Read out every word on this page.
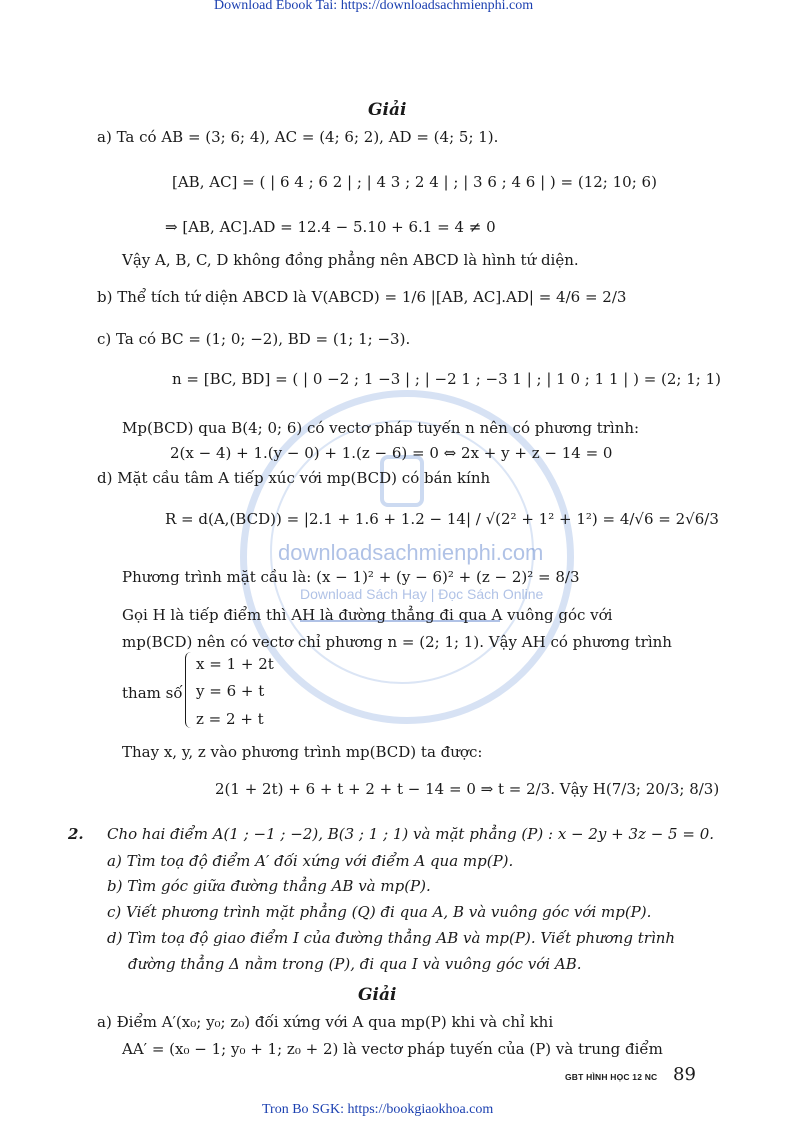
downloadsachmienphi.com
Download Sách Hay | Đọc Sách Online
Download Ebook Tai: https://downloadsachmienphi.com
Giải
a) Ta có AB = (3; 6; 4), AC = (4; 6; 2), AD = (4; 5; 1).
[AB, AC] = ( | 6 4 ; 6 2 | ; | 4 3 ; 2 4 | ; | 3 6 ; 4 6 | ) = (12; 10; 6)
⇒ [AB, AC].AD = 12.4 − 5.10 + 6.1 = 4 ≠ 0
Vậy A, B, C, D không đồng phẳng nên ABCD là hình tứ diện.
b) Thể tích tứ diện ABCD là V(ABCD) = 1/6 |[AB, AC].AD| = 4/6 = 2/3
c) Ta có BC = (1; 0; −2), BD = (1; 1; −3).
n = [BC, BD] = ( | 0 −2 ; 1 −3 | ; | −2 1 ; −3 1 | ; | 1 0 ; 1 1 | ) = (2; 1; 1)
Mp(BCD) qua B(4; 0; 6) có vectơ pháp tuyến n nên có phương trình:
2(x − 4) + 1.(y − 0) + 1.(z − 6) = 0 ⇔ 2x + y + z − 14 = 0
d) Mặt cầu tâm A tiếp xúc với mp(BCD) có bán kính
R = d(A,(BCD)) = |2.1 + 1.6 + 1.2 − 14| / √(2² + 1² + 1²) = 4/√6 = 2√6/3
Phương trình mặt cầu là: (x − 1)² + (y − 6)² + (z − 2)² = 8/3
Gọi H là tiếp điểm thì AH là đường thẳng đi qua A vuông góc với
mp(BCD) nên có vectơ chỉ phương n = (2; 1; 1). Vậy AH có phương trình
tham số
x = 1 + 2t
y = 6 + t
z = 2 + t
Thay x, y, z vào phương trình mp(BCD) ta được:
2(1 + 2t) + 6 + t + 2 + t − 14 = 0 ⇒ t = 2/3. Vậy H(7/3; 20/3; 8/3)
2. Cho hai điểm A(1 ; −1 ; −2), B(3 ; 1 ; 1) và mặt phẳng (P) : x − 2y + 3z − 5 = 0.
a) Tìm toạ độ điểm A′ đối xứng với điểm A qua mp(P).
b) Tìm góc giữa đường thẳng AB và mp(P).
c) Viết phương trình mặt phẳng (Q) đi qua A, B và vuông góc với mp(P).
d) Tìm toạ độ giao điểm I của đường thẳng AB và mp(P). Viết phương trình
đường thẳng Δ nằm trong (P), đi qua I và vuông góc với AB.
Giải
a) Điểm A′(x₀; y₀; z₀) đối xứng với A qua mp(P) khi và chỉ khi
AA′ = (x₀ − 1; y₀ + 1; z₀ + 2) là vectơ pháp tuyến của (P) và trung điểm
GBT HÌNH HỌC 12 NC 89
Tron Bo SGK: https://bookgiaokhoa.com
